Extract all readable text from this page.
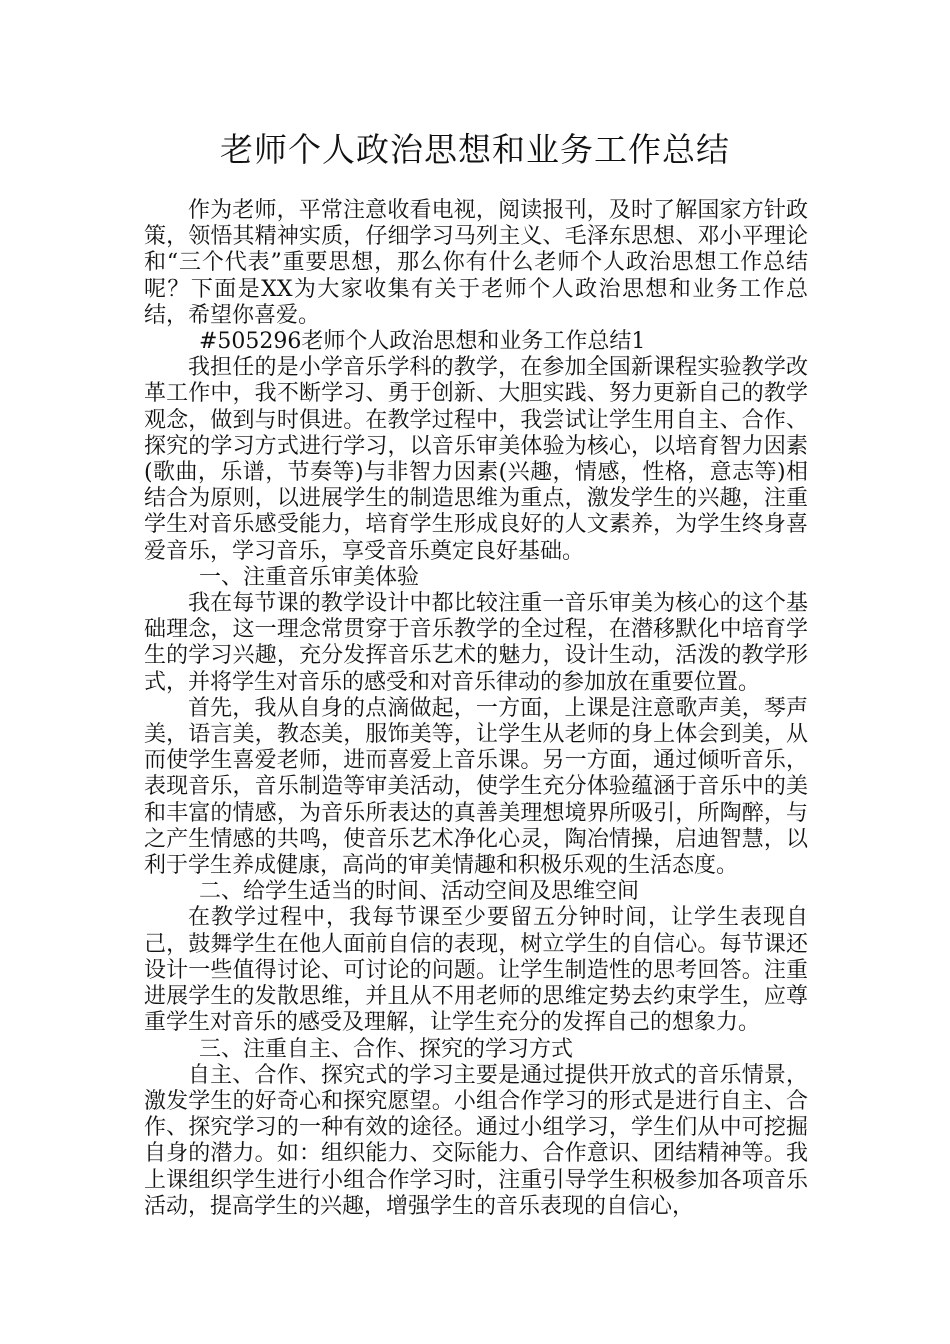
老师个人政治思想和业务工作总结

作为老师，平常注意收看电视，阅读报刊，及时了解国家方针政策，领悟其精神实质，仔细学习马列主义、毛泽东思想、邓小平理论和“三个代表”重要思想，那么你有什么老师个人政治思想工作总结呢？下面是XX为大家收集有关于老师个人政治思想和业务工作总结，希望你喜爱。

#505296老师个人政治思想和业务工作总结1

我担任的是小学音乐学科的教学，在参加全国新课程实验教学改革工作中，我不断学习、勇于创新、大胆实践、努力更新自己的教学观念，做到与时俱进。在教学过程中，我尝试让学生用自主、合作、探究的学习方式进行学习，以音乐审美体验为核心，以培育智力因素(歌曲，乐谱，节奏等)与非智力因素(兴趣，情感，性格，意志等)相结合为原则，以进展学生的制造思维为重点，激发学生的兴趣，注重学生对音乐感受能力，培育学生形成良好的人文素养，为学生终身喜爱音乐，学习音乐，享受音乐奠定良好基础。

一、注重音乐审美体验

我在每节课的教学设计中都比较注重一音乐审美为核心的这个基础理念，这一理念常贯穿于音乐教学的全过程，在潜移默化中培育学生的学习兴趣，充分发挥音乐艺术的魅力，设计生动，活泼的教学形式，并将学生对音乐的感受和对音乐律动的参加放在重要位置。

首先，我从自身的点滴做起，一方面，上课是注意歌声美，琴声美，语言美，教态美，服饰美等，让学生从老师的身上体会到美，从而使学生喜爱老师，进而喜爱上音乐课。另一方面，通过倾听音乐，表现音乐，音乐制造等审美活动，使学生充分体验蕴涵于音乐中的美和丰富的情感，为音乐所表达的真善美理想境界所吸引，所陶醉，与之产生情感的共鸣，使音乐艺术净化心灵，陶冶情操，启迪智慧，以利于学生养成健康，高尚的审美情趣和积极乐观的生活态度。

二、给学生适当的时间、活动空间及思维空间

在教学过程中，我每节课至少要留五分钟时间，让学生表现自己，鼓舞学生在他人面前自信的表现，树立学生的自信心。每节课还设计一些值得讨论、可讨论的问题。让学生制造性的思考回答。注重进展学生的发散思维，并且从不用老师的思维定势去约束学生，应尊重学生对音乐的感受及理解，让学生充分的发挥自己的想象力。

三、注重自主、合作、探究的学习方式

自主、合作、探究式的学习主要是通过提供开放式的音乐情景，激发学生的好奇心和探究愿望。小组合作学习的形式是进行自主、合作、探究学习的一种有效的途径。通过小组学习，学生们从中可挖掘自身的潜力。如：组织能力、交际能力、合作意识、团结精神等。我上课组织学生进行小组合作学习时，注重引导学生积极参加各项音乐活动，提高学生的兴趣，增强学生的音乐表现的自信心，
